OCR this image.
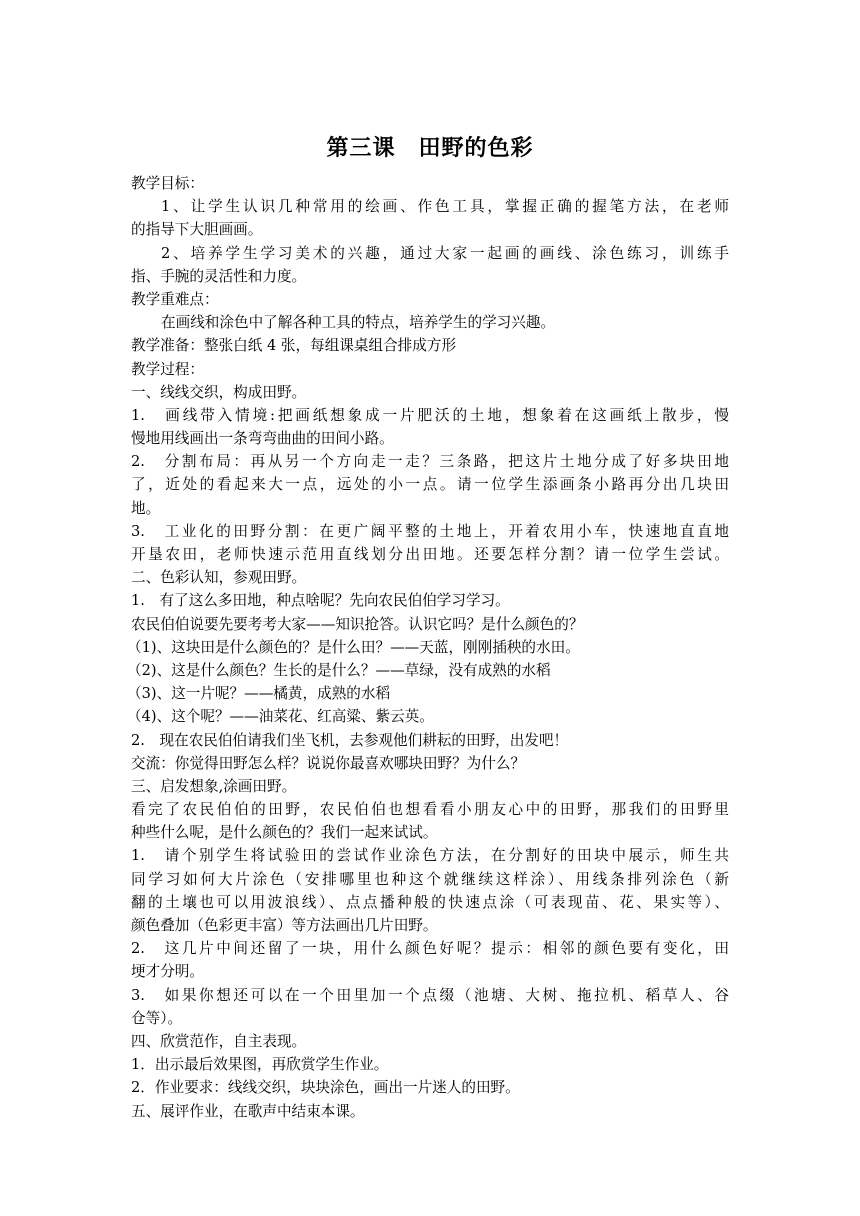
第三课　田野的色彩
教学目标：
1、让学生认识几种常用的绘画、作色工具，掌握正确的握笔方法，在老师
的指导下大胆画画。
2、培养学生学习美术的兴趣，通过大家一起画的画线、涂色练习，训练手
指、手腕的灵活性和力度。
教学重难点：
在画线和涂色中了解各种工具的特点，培养学生的学习兴趣。
教学准备：整张白纸 4 张，每组课桌组合排成方形
教学过程：
一、线线交织，构成田野。
1.　画线带入情境:把画纸想象成一片肥沃的土地，想象着在这画纸上散步，慢
慢地用线画出一条弯弯曲曲的田间小路。
2.　分割布局：再从另一个方向走一走？三条路，把这片土地分成了好多块田地
了，近处的看起来大一点，远处的小一点。请一位学生添画条小路再分出几块田
地。
3.　工业化的田野分割：在更广阔平整的土地上，开着农用小车，快速地直直地
开垦农田，老师快速示范用直线划分出田地。还要怎样分割？请一位学生尝试。
二、色彩认知，参观田野。
1.　有了这么多田地，种点啥呢？先向农民伯伯学习学习。
农民伯伯说要先要考考大家——知识抢答。认识它吗？是什么颜色的？
（1)、这块田是什么颜色的？是什么田？——天蓝，刚刚插秧的水田。
（2)、这是什么颜色？生长的是什么？——草绿，没有成熟的水稻
（3)、这一片呢？——橘黄，成熟的水稻
（4)、这个呢？——油菜花、红高粱、紫云英。
2.　现在农民伯伯请我们坐飞机，去参观他们耕耘的田野，出发吧！
交流：你觉得田野怎么样？说说你最喜欢哪块田野？为什么？
三、启发想象,涂画田野。
看完了农民伯伯的田野，农民伯伯也想看看小朋友心中的田野，那我们的田野里
种些什么呢，是什么颜色的？我们一起来试试。
1.　请个别学生将试验田的尝试作业涂色方法，在分割好的田块中展示，师生共
同学习如何大片涂色（安排哪里也种这个就继续这样涂）、用线条排列涂色（新
翻的土壤也可以用波浪线）、点点播种般的快速点涂（可表现苗、花、果实等）、
颜色叠加（色彩更丰富）等方法画出几片田野。
2.　这几片中间还留了一块，用什么颜色好呢？提示：相邻的颜色要有变化，田
埂才分明。
3.　如果你想还可以在一个田里加一个点缀（池塘、大树、拖拉机、稻草人、谷
仓等）。
四、欣赏范作，自主表现。
1．出示最后效果图，再欣赏学生作业。
2．作业要求：线线交织，块块涂色，画出一片迷人的田野。
五、展评作业，在歌声中结束本课。
